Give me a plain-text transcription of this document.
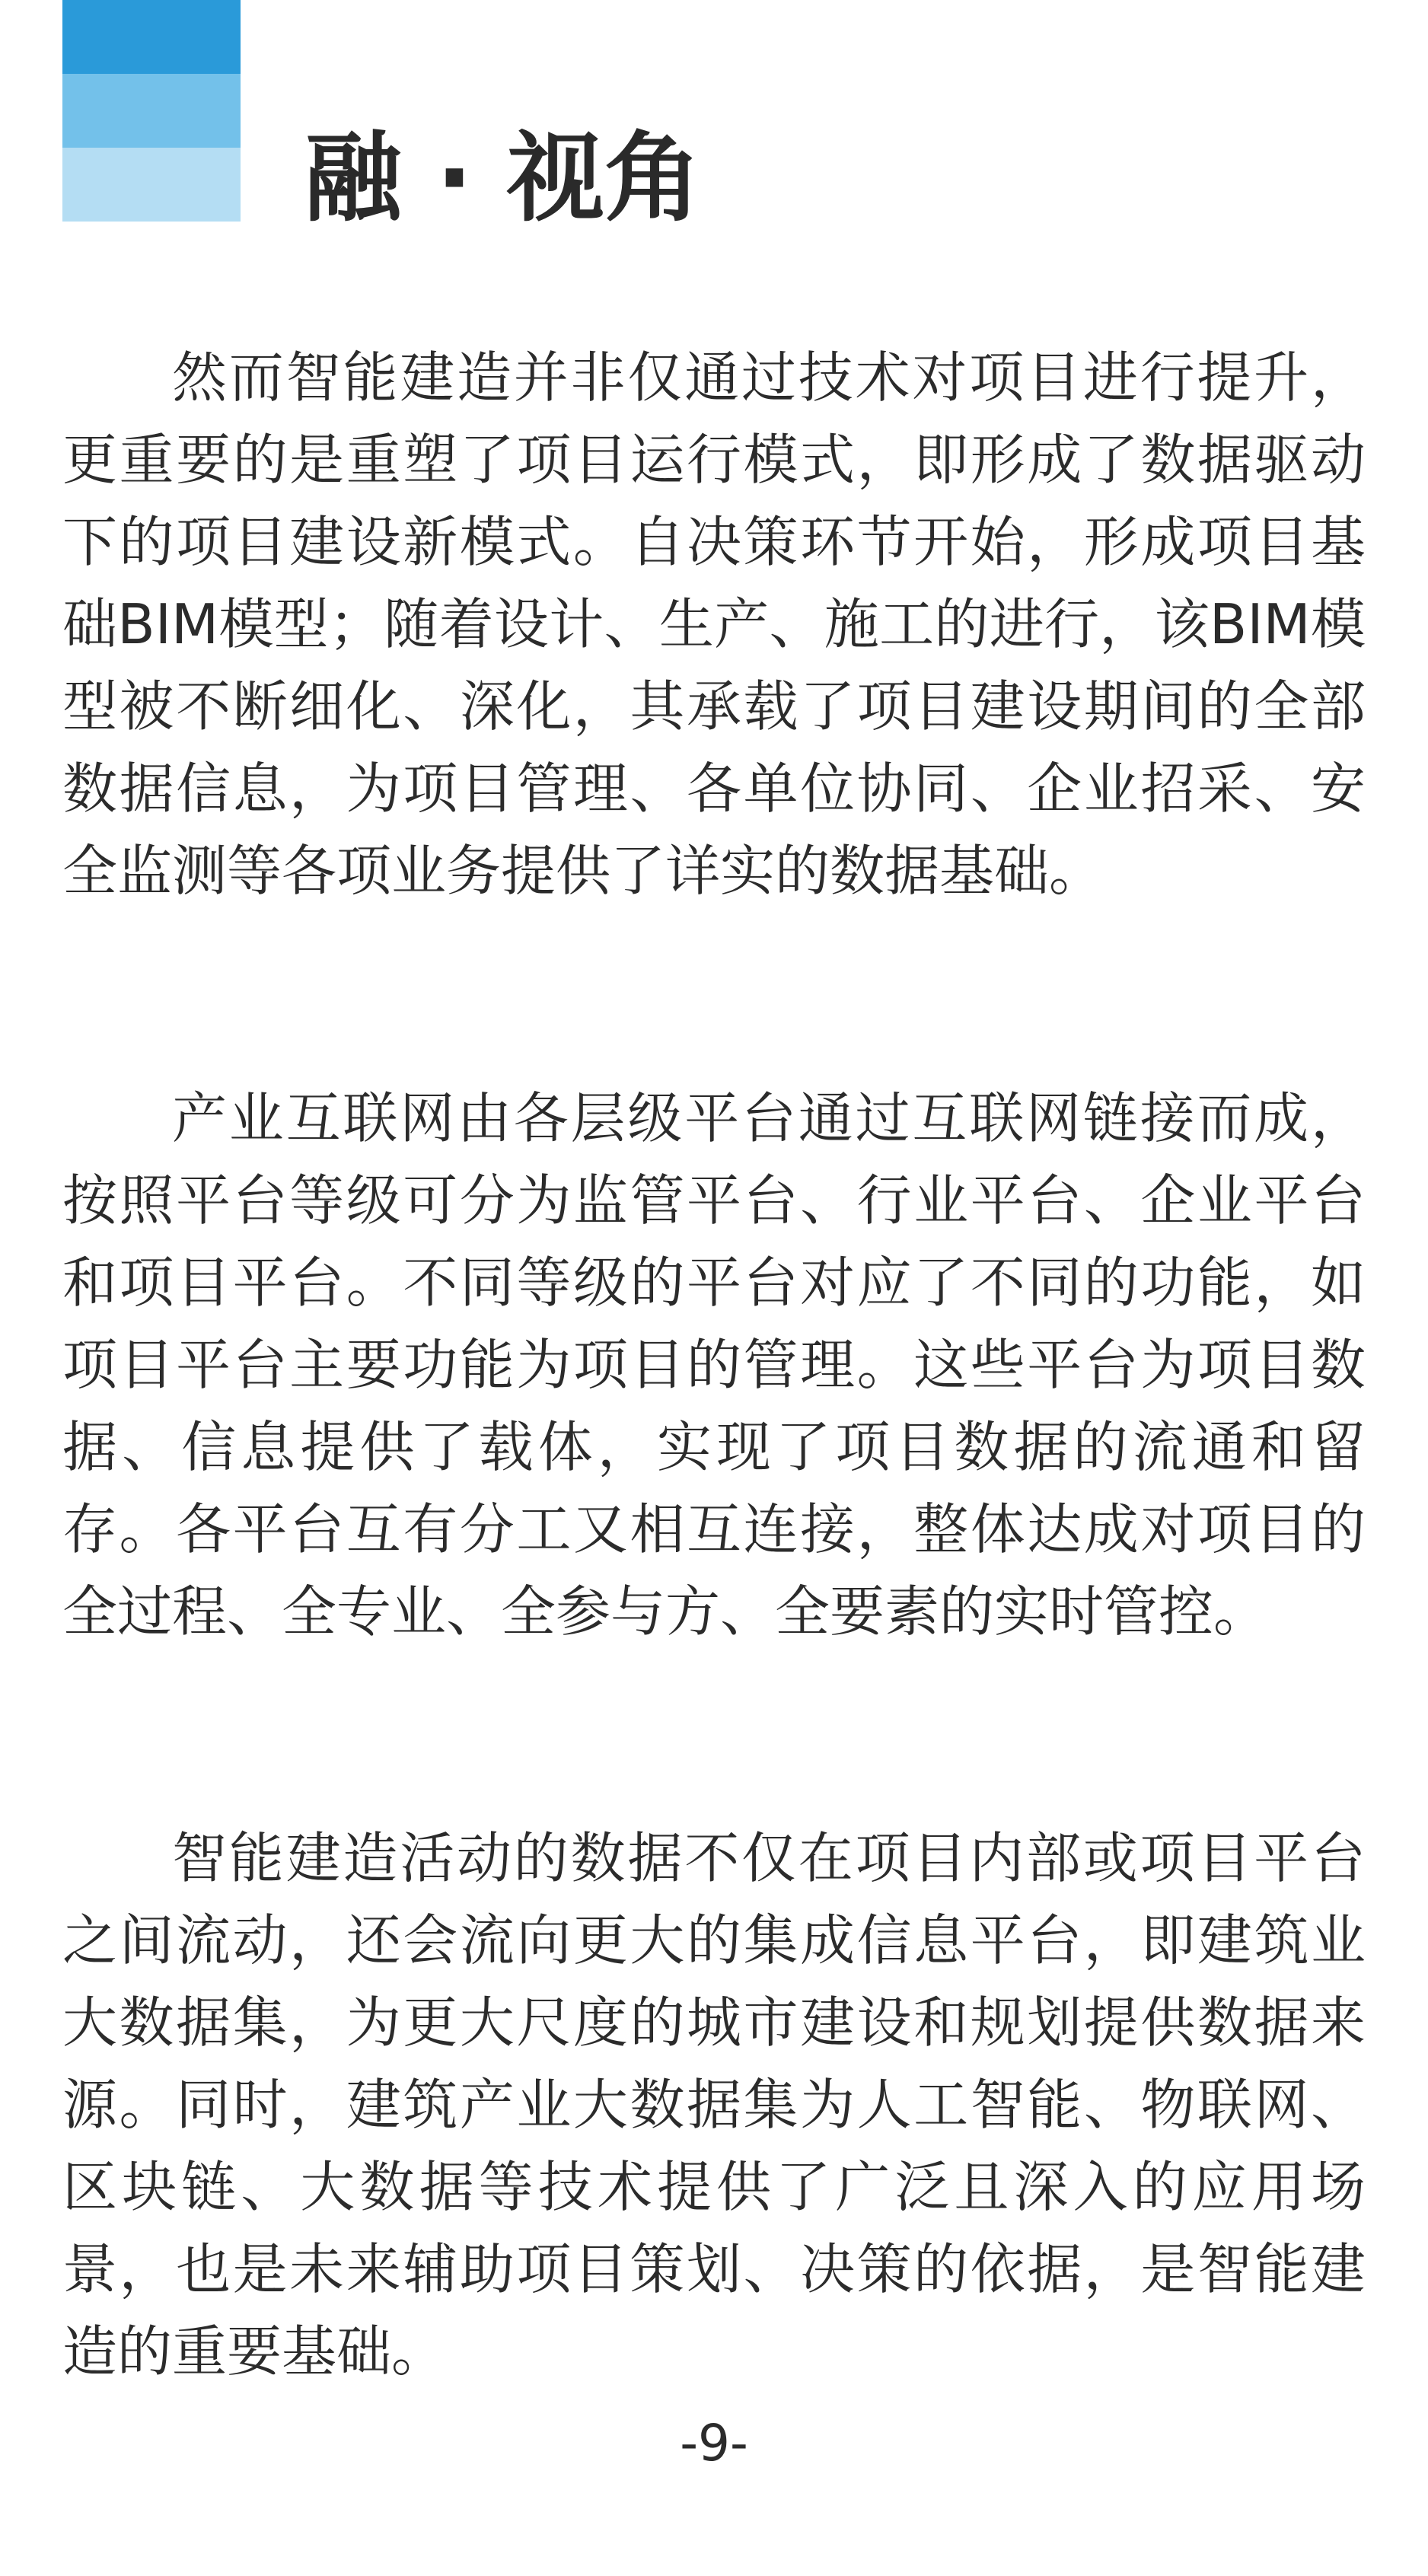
融 · 视角

然而智能建造并非仅通过技术对项目进行提升，更重要的是重塑了项目运行模式，即形成了数据驱动下的项目建设新模式。自决策环节开始，形成项目基础BIM模型；随着设计、生产、施工的进行，该BIM模型被不断细化、深化，其承载了项目建设期间的全部数据信息，为项目管理、各单位协同、企业招采、安全监测等各项业务提供了详实的数据基础。

产业互联网由各层级平台通过互联网链接而成，按照平台等级可分为监管平台、行业平台、企业平台和项目平台。不同等级的平台对应了不同的功能，如项目平台主要功能为项目的管理。这些平台为项目数据、信息提供了载体，实现了项目数据的流通和留存。各平台互有分工又相互连接，整体达成对项目的全过程、全专业、全参与方、全要素的实时管控。

智能建造活动的数据不仅在项目内部或项目平台之间流动，还会流向更大的集成信息平台，即建筑业大数据集，为更大尺度的城市建设和规划提供数据来源。同时，建筑产业大数据集为人工智能、物联网、区块链、大数据等技术提供了广泛且深入的应用场景，也是未来辅助项目策划、决策的依据，是智能建造的重要基础。

-9-
